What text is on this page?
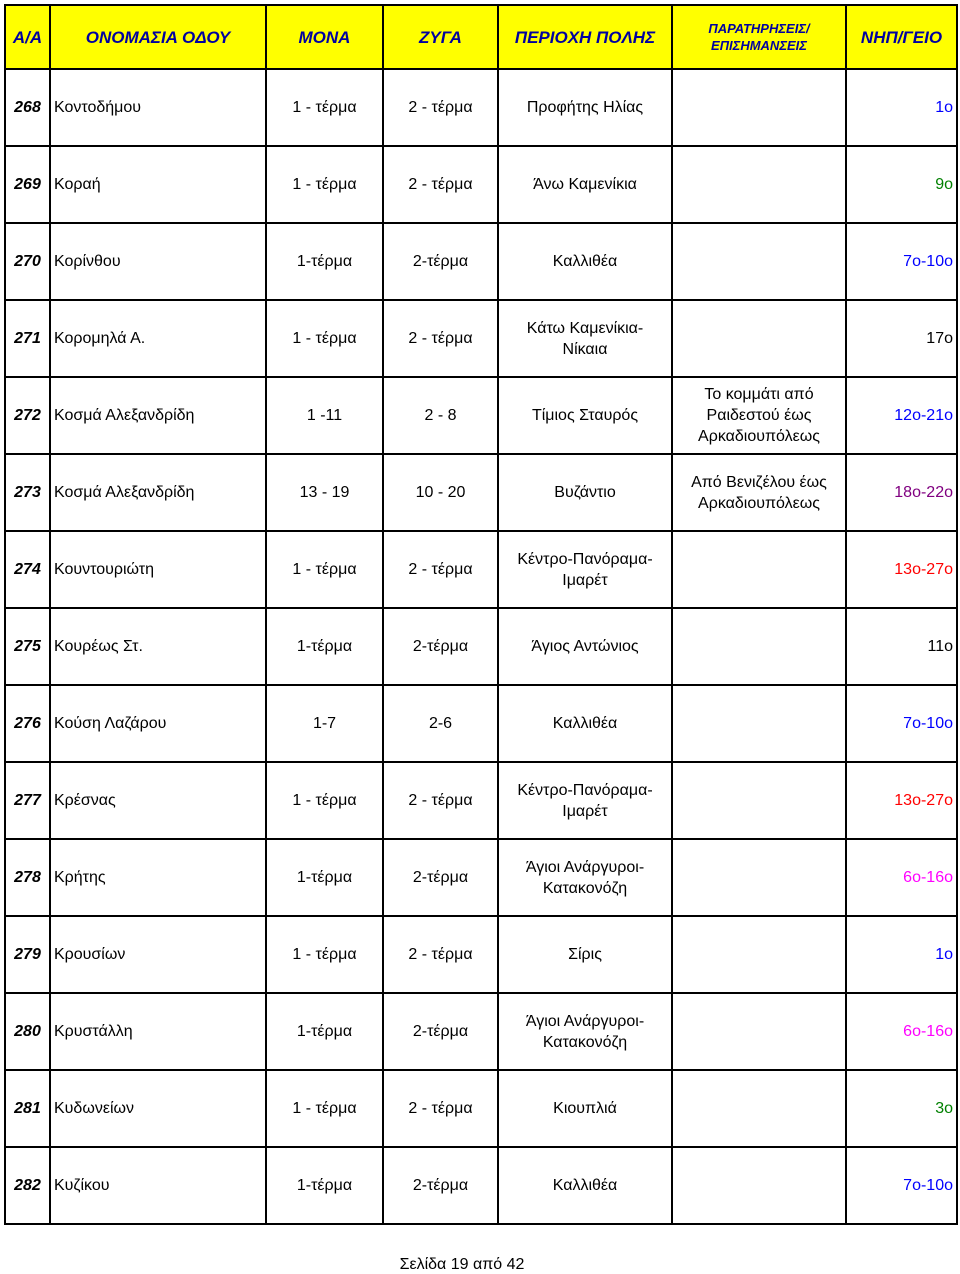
Α/Α	ΟΝΟΜΑΣΙΑ ΟΔΟΥ	ΜΟΝΑ	ΖΥΓΑ	ΠΕΡΙΟΧΗ ΠΟΛΗΣ	ΠΑΡΑΤΗΡΗΣΕΙΣ/
ΕΠΙΣΗΜΑΝΣΕΙΣ	ΝΗΠ/ΓΕΙΟ
268	Κοντοδήμου	1 - τέρμα	2 - τέρμα	Προφήτης Ηλίας		1ο
269	Κοραή	1 - τέρμα	2 - τέρμα	Άνω Καμενίκια		9ο
270	Κορίνθου	1-τέρμα	2-τέρμα	Καλλιθέα		7ο-10ο
271	Κορομηλά Α.	1 - τέρμα	2 - τέρμα	Κάτω Καμενίκια-
Νίκαια		17ο
272	Κοσμά Αλεξανδρίδη	1 -11	2 - 8	Τίμιος Σταυρός	Το κομμάτι από
Ραιδεστού έως
Αρκαδιουπόλεως	12ο-21ο
273	Κοσμά Αλεξανδρίδη	13 - 19	10 - 20	Βυζάντιο	Από Βενιζέλου έως
Αρκαδιουπόλεως	18ο-22ο
274	Κουντουριώτη	1 - τέρμα	2 - τέρμα	Κέντρο-Πανόραμα-
Ιμαρέτ		13ο-27ο
275	Κουρέως Στ.	1-τέρμα	2-τέρμα	Άγιος Αντώνιος		11ο
276	Κούση Λαζάρου	1-7	2-6	Καλλιθέα		7ο-10ο
277	Κρέσνας	1 - τέρμα	2 - τέρμα	Κέντρο-Πανόραμα-
Ιμαρέτ		13ο-27ο
278	Κρήτης	1-τέρμα	2-τέρμα	Άγιοι Ανάργυροι-
Κατακονόζη		6ο-16ο
279	Κρουσίων	1 - τέρμα	2 - τέρμα	Σίρις		1ο
280	Κρυστάλλη	1-τέρμα	2-τέρμα	Άγιοι Ανάργυροι-
Κατακονόζη		6ο-16ο
281	Κυδωνείων	1 - τέρμα	2 - τέρμα	Κιουπλιά		3ο
282	Κυζίκου	1-τέρμα	2-τέρμα	Καλλιθέα		7ο-10ο
Σελίδα 19 από 42
